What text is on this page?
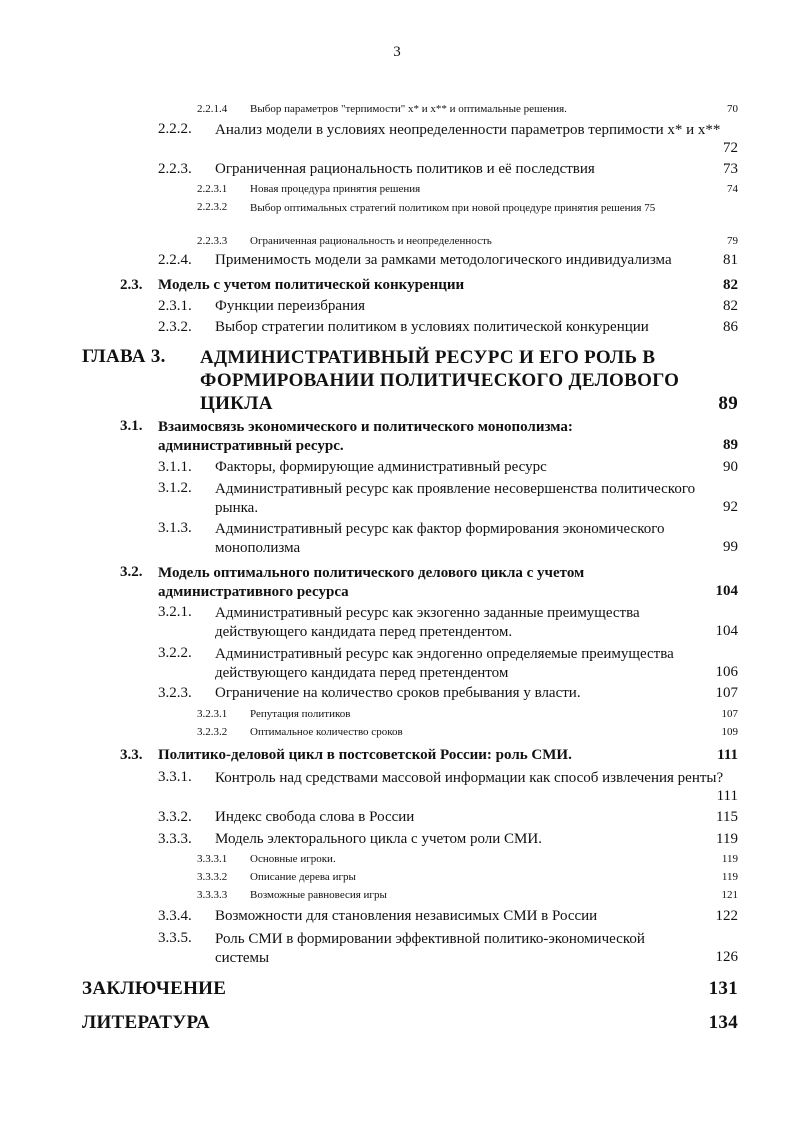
3
2.2.1.4 Выбор параметров "терпимости" x* и x** и оптимальные решения.	70
2.2.2. Анализ модели в условиях неопределенности параметров терпимости x* и x**
72
2.2.3. Ограниченная рациональность политиков и её последствия	73
2.2.3.1 Новая процедура принятия решения	74
2.2.3.2 Выбор оптимальных стратегий политиком при новой процедуре принятия решения 75
2.2.3.3 Ограниченная рациональность и неопределенность	79
2.2.4. Применимость модели за рамками методологического индивидуализма	81
2.3. Модель с учетом политической конкуренции	82
2.3.1. Функции переизбрания	82
2.3.2. Выбор стратегии политиком в условиях политической конкуренции	86
ГЛАВА 3. АДМИНИСТРАТИВНЫЙ РЕСУРС И ЕГО РОЛЬ В ФОРМИРОВАНИИ ПОЛИТИЧЕСКОГО ДЕЛОВОГО ЦИКЛА	89
3.1. Взаимосвязь экономического и политического монополизма: административный ресурс.	89
3.1.1. Факторы, формирующие административный ресурс	90
3.1.2. Административный ресурс как проявление несовершенства политического рынка.	92
3.1.3. Административный ресурс как фактор формирования экономического монополизма	99
3.2. Модель оптимального политического делового цикла с учетом административного ресурса	104
3.2.1. Административный ресурс как экзогенно заданные преимущества действующего кандидата перед претендентом.	104
3.2.2. Административный ресурс как эндогенно определяемые преимущества действующего кандидата перед претендентом	106
3.2.3. Ограничение на количество сроков пребывания у власти.	107
3.2.3.1 Репутация политиков	107
3.2.3.2 Оптимальное количество сроков	109
3.3. Политико-деловой цикл в постсоветской России: роль СМИ.	111
3.3.1. Контроль над средствами массовой информации как способ извлечения ренты?
111
3.3.2. Индекс свобода слова в России	115
3.3.3. Модель электорального цикла с учетом роли СМИ.	119
3.3.3.1 Основные игроки.	119
3.3.3.2 Описание дерева игры	119
3.3.3.3 Возможные равновесия игры	121
3.3.4. Возможности для становления независимых СМИ в России	122
3.3.5. Роль СМИ в формировании эффективной политико-экономической системы	126
ЗАКЛЮЧЕНИЕ	131
ЛИТЕРАТУРА	134
